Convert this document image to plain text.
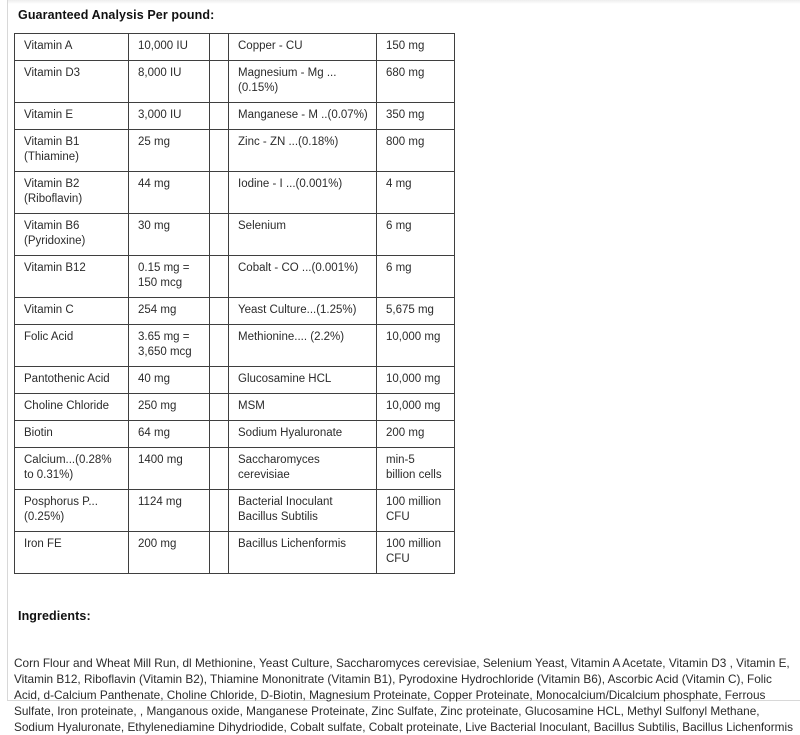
Guaranteed Analysis Per pound:
Vitamin A	10,000 IU		Copper - CU	150 mg
Vitamin D3	8,000 IU		Magnesium - Mg ...(0.15%)	680 mg
Vitamin E	3,000 IU		Manganese - M ..(0.07%)	350 mg
Vitamin B1 (Thiamine)	25 mg		Zinc - ZN ...(0.18%)	800 mg
Vitamin B2 (Riboflavin)	44 mg		Iodine - I ...(0.001%)	4 mg
Vitamin B6 (Pyridoxine)	30 mg		Selenium	6 mg
Vitamin B12	0.15 mg = 150 mcg		Cobalt - CO ...(0.001%)	6 mg
Vitamin C	254 mg		Yeast Culture...(1.25%)	5,675 mg
Folic Acid	3.65 mg = 3,650 mcg		Methionine.... (2.2%)	10,000 mg
Pantothenic Acid	40 mg		Glucosamine HCL	10,000 mg
Choline Chloride	250 mg		MSM	10,000 mg
Biotin	64 mg		Sodium Hyaluronate	200 mg
Calcium...(0.28% to 0.31%)	1400 mg		Saccharomyces cerevisiae	min-5 billion cells
Posphorus P... (0.25%)	1124 mg		Bacterial Inoculant Bacillus Subtilis	100 million CFU
Iron FE	200 mg		Bacillus Lichenformis	100 million CFU
Ingredients:

Corn Flour and Wheat Mill Run, dl Methionine, Yeast Culture, Saccharomyces cerevisiae, Selenium Yeast, Vitamin A Acetate, Vitamin D3 , Vitamin E, Vitamin B12, Riboflavin (Vitamin B2), Thiamine Mononitrate (Vitamin B1), Pyrodoxine Hydrochloride (Vitamin B6), Ascorbic Acid (Vitamin C), Folic Acid, d-Calcium Panthenate, Choline Chloride, D-Biotin, Magnesium Proteinate, Copper Proteinate, Monocalcium/Dicalcium phosphate, Ferrous Sulfate, Iron proteinate, , Manganous oxide, Manganese Proteinate, Zinc Sulfate, Zinc proteinate, Glucosamine HCL, Methyl Sulfonyl Methane, Sodium Hyaluronate, Ethylenediamine Dihydriodide, Cobalt sulfate, Cobalt proteinate, Live Bacterial Inoculant, Bacillus Subtilis, Bacillus Lichenformis
